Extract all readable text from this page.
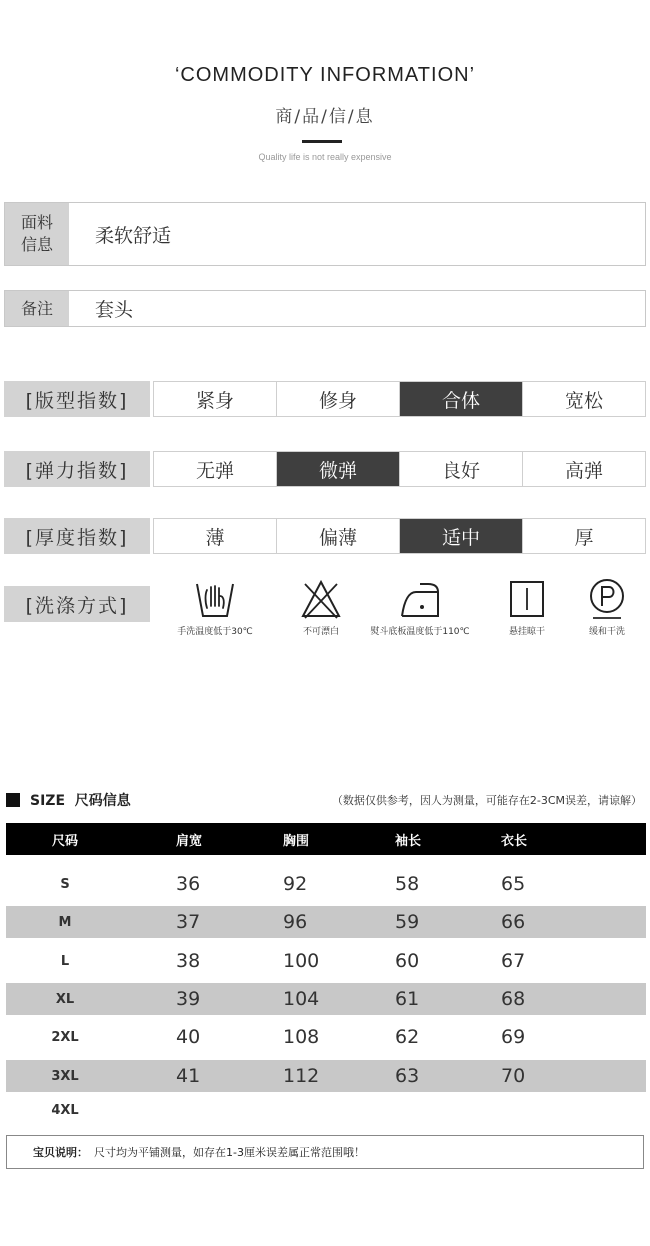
‘COMMODITY INFORMATION’
商/品/信/息
Quality life is not really expensive
面料
信息	柔软舒适
备注	套头
[版型指数]	紧身	修身	合体	宽松
[弹力指数]	无弹	微弹	良好	高弹
[厚度指数]	薄	偏薄	适中	厚
[洗涤方式]
手洗温度低于30℃	不可漂白	熨斗底板温度低于110℃	悬挂晾干	缓和干洗
SIZE  尺码信息	（数据仅供参考，因人为测量，可能存在2-3CM误差，请谅解）
尺码	肩宽	胸围	袖长	衣长
S	36	92	58	65
M	37	96	59	66
L	38	100	60	67
XL	39	104	61	68
2XL	40	108	62	69
3XL	41	112	63	70
4XL
宝贝说明： 尺寸均为平铺测量，如存在1-3厘米误差属正常范围哦！
